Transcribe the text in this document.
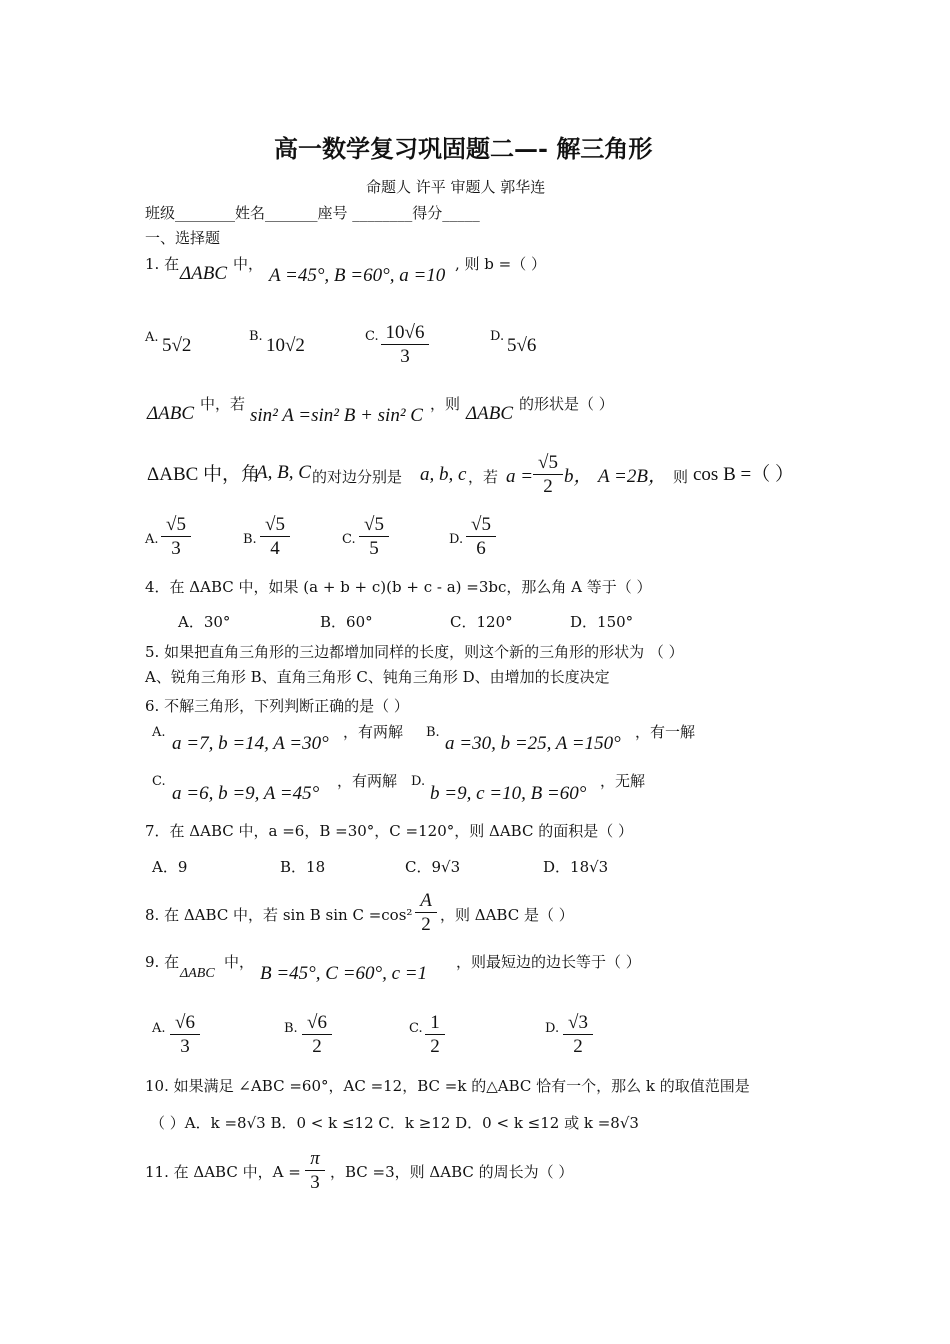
高一数学复习巩固题二—- 解三角形
命题人 许平 审题人 郭华连
班级________姓名_______座号 ________得分_____
一、选择题
1. 在 ΔABC 中，
A =45°, B =60°, a =10
, 则 b =（ ）
A. 5√2	B. 10√2	C. $\frac{10√6}{3}$	D. 5√6
ΔABC 中，若
sin² A =sin² B + sin² C
，则 ΔABC 的形状是（ ）
ΔABC 中，角
A, B, C 的对边分别是 a, b, c ，若 $a = \frac{√5}{2}$ b， A =2B， 则 cos B =（ ）
A. $\frac{√5}{3}$	B. $\frac{√5}{4}$	C. $\frac{√5}{5}$	D. $\frac{√5}{6}$
4．在 ΔABC 中，如果 (a + b + c)(b + c - a) =3bc，那么角 A 等于（ ）
A．30°	B．60°	C．120°	D．150°
5. 如果把直角三角形的三边都增加同样的长度，则这个新的三角形的形状为 （ ）
A、锐角三角形 B、直角三角形 C、钝角三角形 D、由增加的长度决定
6. 不解三角形，下列判断正确的是（ ）
A.
a =7, b =14, A =30°
，有两解 B.
a =30, b =25, A =150°
，有一解
C.
a =6, b =9, A =45°
，有两解 D.
b =9, c =10, B =60°
，无解
7．在 ΔABC 中，a =6，B =30°，C =120°，则 ΔABC 的面积是（ ）
A．9	B．18	C．9√3	D．18√3
8. 在 ΔABC 中，若 sin B $\sin C =\cos^2 \frac{A}{2}$ ，则 ΔABC 是（ ）
9. 在
ΔABC
中，
B =45°, C =60°, c =1
，则最短边的边长等于（ ）
A. $\frac{√6}{3}$	B. $\frac{√6}{2}$	C. $\frac{1}{2}$	D. $\frac{√3}{2}$
10. 如果满足 ∠ABC =60°，AC =12，BC =k 的△ABC 恰有一个，那么 k 的取值范围是
（ ）A．k =8√3 B．0 < k ≤12 C．k ≥12 D．0 < k ≤12 或 k =8√3
11. 在 ΔABC 中，$A = \frac{\pi}{3}$ ，BC =3，则 ΔABC 的周长为（ ）
